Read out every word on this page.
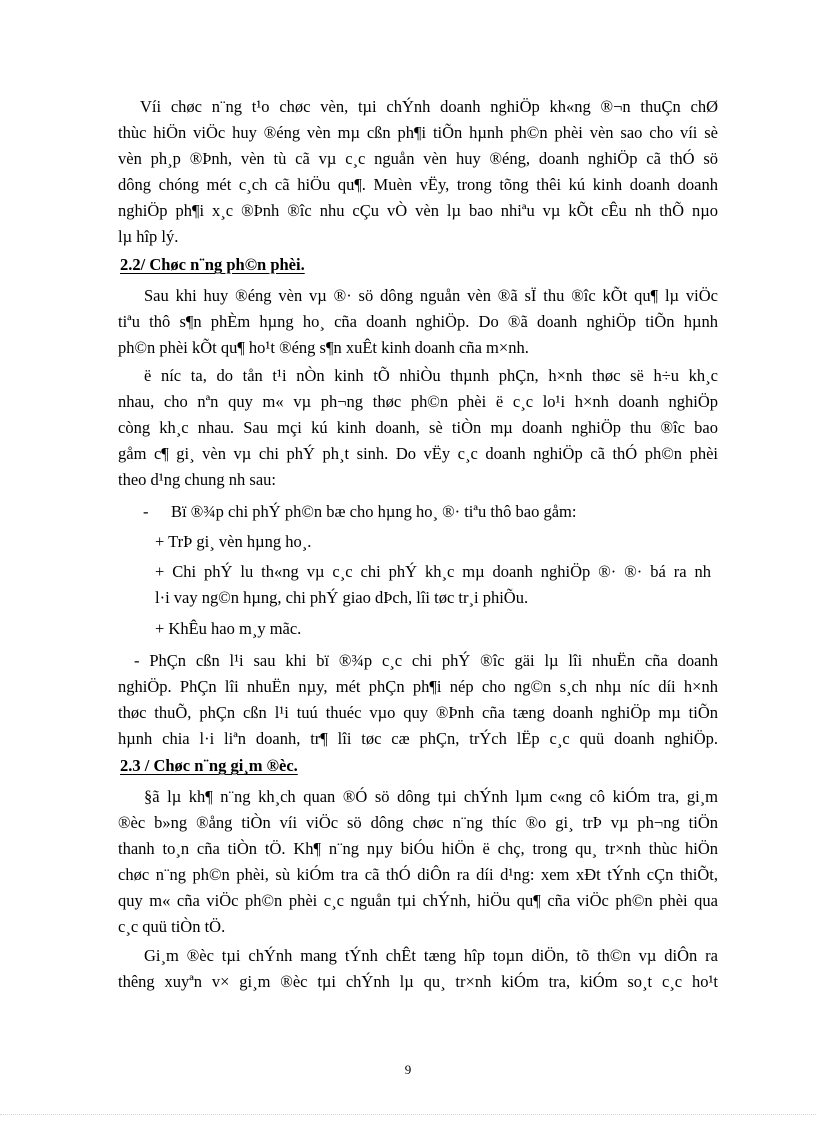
Víi chøc n¨ng t¹o chøc vèn, tµi chÝnh doanh nghiÖp kh«ng ®¬n thuÇn chØ
thùc hiÖn viÖc huy ®éng vèn mµ cßn ph¶i tiÕn hµnh ph©n phèi vèn sao cho víi sè
vèn ph¸p ®Þnh, vèn tù cã vµ c¸c nguån vèn huy ®éng, doanh nghiÖp cã thÓ sö
dông chóng mét c¸ch cã hiÖu qu¶. Muèn vËy, trong tõng thêi kú kinh doanh doanh
nghiÖp ph¶i x¸c ®Þnh ®îc nhu cÇu vÒ vèn lµ bao nhiªu vµ kÕt cÊu nh thÕ nµo
lµ hîp lý.
2.2/ Chøc n¨ng ph©n phèi.
Sau khi huy ®éng vèn vµ ®· sö dông nguån vèn ®ã sÏ thu ®îc kÕt qu¶ lµ viÖc
tiªu thô s¶n phÈm hµng ho¸ cña doanh nghiÖp. Do ®ã doanh nghiÖp tiÕn hµnh
ph©n phèi kÕt qu¶ ho¹t ®éng s¶n xuÊt kinh doanh cña m×nh.
ë níc ta, do tån t¹i nÒn kinh tÕ nhiÒu thµnh phÇn, h×nh thøc së h÷u kh¸c
nhau, cho nªn quy m« vµ ph¬ng thøc ph©n phèi ë c¸c lo¹i h×nh doanh nghiÖp
còng kh¸c nhau. Sau mçi kú kinh doanh, sè tiÒn mµ doanh nghiÖp thu ®îc bao
gåm c¶ gi¸ vèn vµ chi phÝ ph¸t sinh. Do vËy c¸c doanh nghiÖp cã thÓ ph©n phèi
theo d¹ng chung nh sau:
-	Bï ®¾p chi phÝ ph©n bæ cho hµng ho¸ ®· tiªu thô bao gåm:
+ TrÞ gi¸ vèn hµng ho¸.
+ Chi phÝ lu th«ng vµ c¸c chi phÝ kh¸c mµ doanh nghiÖp ®· ®· bá ra nh
l·i vay ng©n hµng, chi phÝ giao dÞch, lîi tøc tr¸i phiÕu.
+ KhÊu hao m¸y mãc.
- PhÇn cßn l¹i sau khi bï ®¾p c¸c chi phÝ ®îc gäi lµ lîi nhuËn cña doanh
nghiÖp. PhÇn lîi nhuËn nµy, mét phÇn ph¶i nép cho ng©n s¸ch nhµ níc díi h×nh
thøc thuÕ, phÇn cßn l¹i tuú thuéc vµo quy ®Þnh cña tæng doanh nghiÖp mµ tiÕn
hµnh chia l·i liªn doanh, tr¶ lîi tøc cæ phÇn, trÝch lËp c¸c quü doanh nghiÖp.
2.3 / Chøc n¨ng gi¸m ®èc.
§ã lµ kh¶ n¨ng kh¸ch quan ®Ó sö dông tµi chÝnh lµm c«ng cô kiÓm tra, gi¸m
®èc b»ng ®ång tiÒn víi viÖc sö dông chøc n¨ng thíc ®o gi¸ trÞ vµ ph¬ng tiÖn
thanh to¸n cña tiÒn tÖ. Kh¶ n¨ng nµy biÓu hiÖn ë chç, trong qu¸ tr×nh thùc hiÖn
chøc n¨ng ph©n phèi, sù kiÓm tra cã thÓ diÔn ra díi d¹ng: xem xÐt tÝnh cÇn thiÕt,
quy m« cña viÖc ph©n phèi c¸c nguån tµi chÝnh, hiÖu qu¶ cña viÖc ph©n phèi qua
c¸c quü tiÒn tÖ.
Gi¸m ®èc tµi chÝnh mang tÝnh chÊt tæng hîp toµn diÖn, tõ th©n vµ diÔn ra
thêng xuyªn v× gi¸m ®èc tµi chÝnh lµ qu¸ tr×nh kiÓm tra, kiÓm so¸t c¸c ho¹t
9
